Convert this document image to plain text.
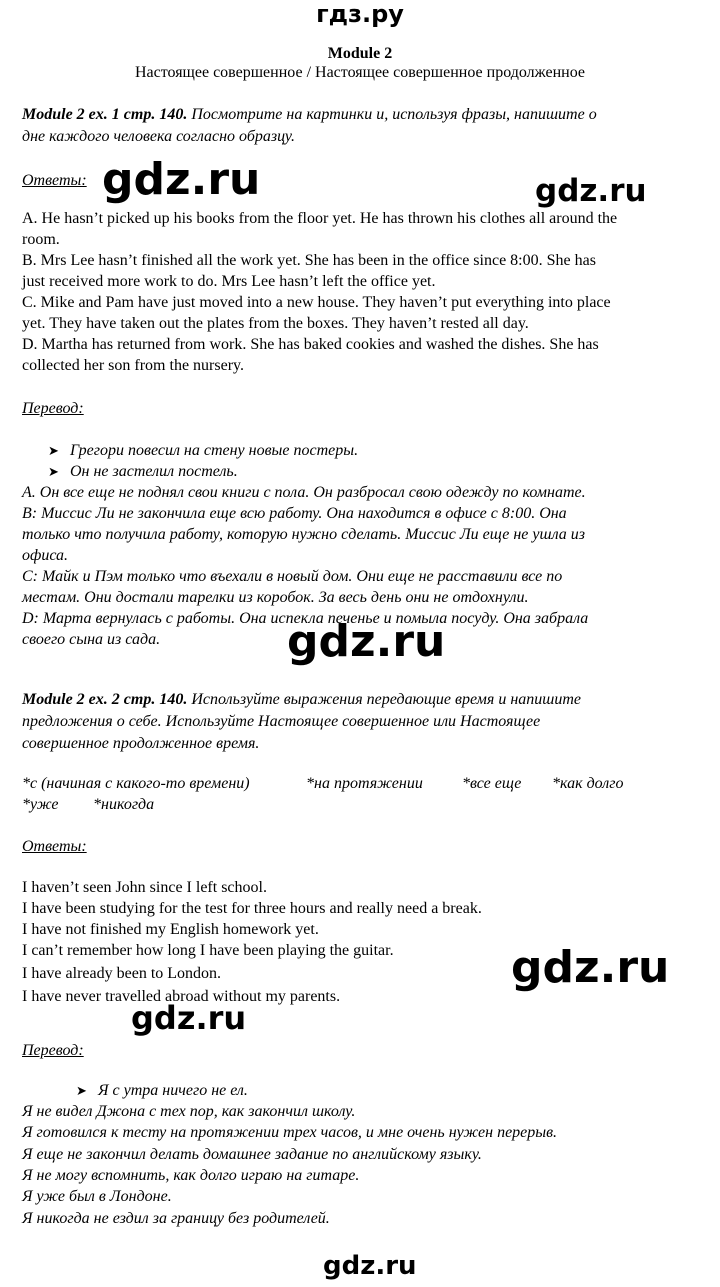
гдз.ру
Module 2
Настоящее совершенное / Настоящее совершенное продолженное
Module 2 ex. 1 стр. 140. Посмотрите на картинки и, используя фразы, напишите о
дне каждого человека согласно образцу.
Ответы:
A. He hasn’t picked up his books from the floor yet. He has thrown his clothes all around the
room.
B. Mrs Lee hasn’t finished all the work yet. She has been in the office since 8:00. She has
just received more work to do. Mrs Lee hasn’t left the office yet.
C. Mike and Pam have just moved into a new house. They haven’t put everything into place
yet. They have taken out the plates from the boxes. They haven’t rested all day.
D. Martha has returned from work. She has baked cookies and washed the dishes. She has
collected her son from the nursery.
Перевод:
➤ Грегори повесил на стену новые постеры.
➤ Он не застелил постель.
А. Он все еще не поднял свои книги с пола. Он разбросал свою одежду по комнате.
В: Миссис Ли не закончила еще всю работу. Она находится в офисе с 8:00. Она
только что получила работу, которую нужно сделать. Миссис Ли еще не ушла из
офиса.
С: Майк и Пэм только что въехали в новый дом. Они еще не расставили все по
местам. Они достали тарелки из коробок. За весь день они не отдохнули.
D: Марта вернулась с работы. Она испекла печенье и помыла посуду. Она забрала
своего сына из сада.
Module 2 ex. 2 стр. 140. Используйте выражения передающие время и напишите
предложения о себе. Используйте Настоящее совершенное или Настоящее
совершенное продолженное время.
*с (начиная с какого-то времени)	*на протяжении *все еще *как долго
*уже *никогда
Ответы:
I haven’t seen John since I left school.
I have been studying for the test for three hours and really need a break.
I have not finished my English homework yet.
I can’t remember how long I have been playing the guitar.
I have already been to London.
I have never travelled abroad without my parents.
Перевод:
➤ Я с утра ничего не ел.
Я не видел Джона с тех пор, как закончил школу.
Я готовился к тесту на протяжении трех часов, и мне очень нужен перерыв.
Я еще не закончил делать домашнее задание по английскому языку.
Я не могу вспомнить, как долго играю на гитаре.
Я уже был в Лондоне.
Я никогда не ездил за границу без родителей.
gdz.ru	gdz.ru
gdz.ru
gdz.ru
gdz.ru
gdz.ru
